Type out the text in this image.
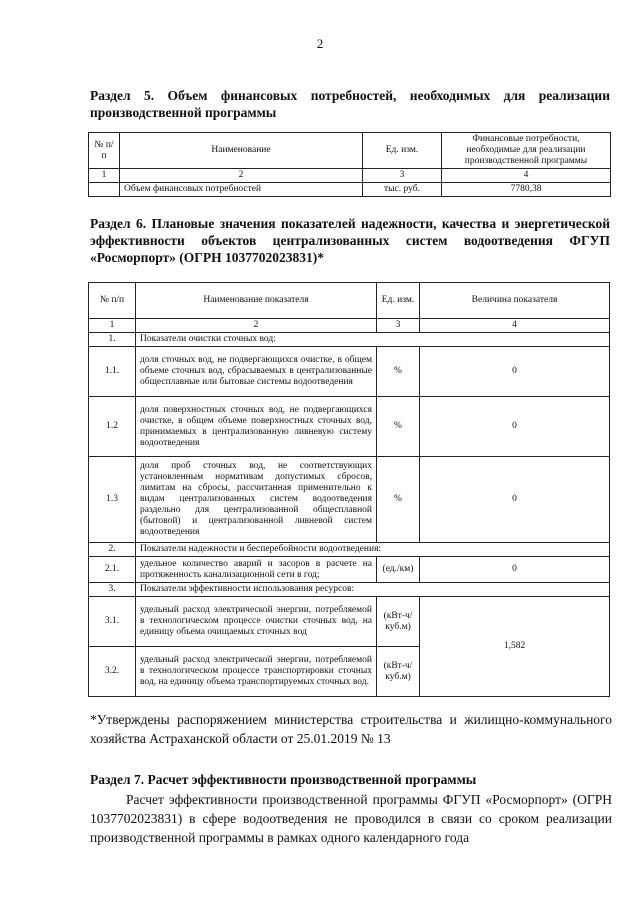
2
Раздел 5. Объем финансовых потребностей, необходимых для реализации производственной программы
№ п/п	Наименование	Ед. изм.	Финансовые потребности, необходимые для реализации производственной программы
1	2	3	4
	Объем финансовых потребностей	тыс. руб.	7780,38
Раздел 6. Плановые значения показателей надежности, качества и энергетической эффективности объектов централизованных систем водоотведения ФГУП «Росморпорт» (ОГРН 1037702023831)*
№ п/п	Наименование показателя	Ед. изм.	Величина показателя
1	2	3	4
1.	Показатели очистки сточных вод:		
1.1.	доля сточных вод, не подвергающихся очистке, в общем объеме сточных вод, сбрасываемых в централизованные общесплавные или бытовые системы водоотведения	%	0
1.2	доля поверхностных сточных вод, не подвергающихся очистке, в общем объеме поверхностных сточных вод, принимаемых в централизованную ливневую систему водоотведения	%	0
1.3	доля проб сточных вод, не соответствующих установленным нормативам допустимых сбросов, лимитам на сбросы, рассчитанная применительно к видам централизованных систем водоотведения раздельно для централизованной общесплавной (бытовой) и централизованной ливневой систем водоотведения	%	0
2.	Показатели надежности и бесперебойности водоотведения:		
2.1.	удельное количество аварий и засоров в расчете на протяженность канализационной сети в год;	(ед./км)	0
3.	Показатели эффективности использования ресурсов:		
3.1.	удельный расход электрической энергии, потребляемой в технологическом процессе очистки сточных вод, на единицу объема очищаемых сточных вод	(кВт-ч/куб.м)	1,582
3.2.	удельный расход электрической энергии, потребляемой в технологическом процессе транспортировки сточных вод, на единицу объема транспортируемых сточных вод.	(кВт-ч/куб.м)	
*Утверждены распоряжением министерства строительства и жилищно-коммунального хозяйства Астраханской области от 25.01.2019 № 13
Раздел 7. Расчет эффективности производственной программы
Расчет эффективности производственной программы ФГУП «Росморпорт» (ОГРН 1037702023831) в сфере водоотведения не проводился в связи со сроком реализации производственной программы в рамках одного календарного года
